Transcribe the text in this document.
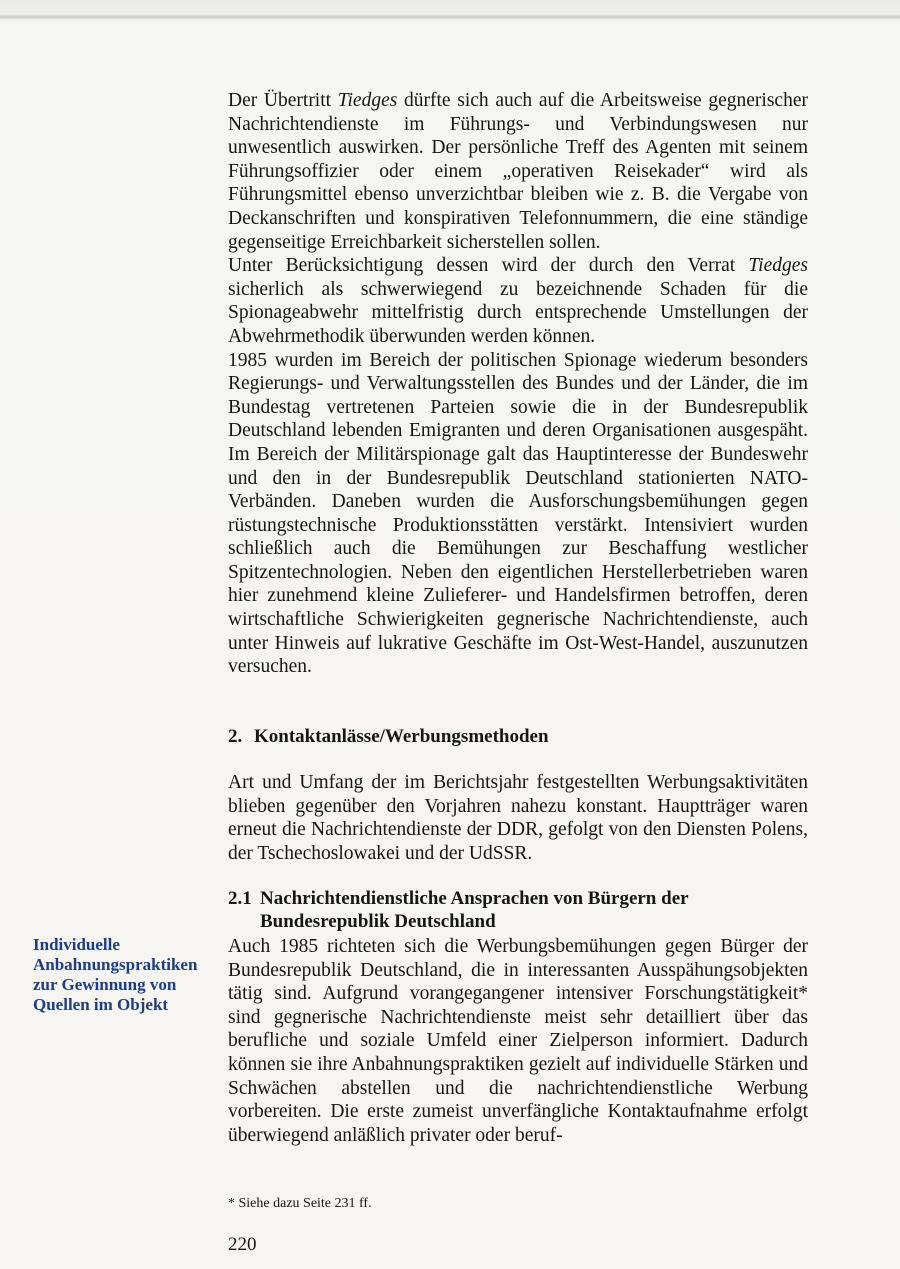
Der Übertritt Tiedges dürfte sich auch auf die Arbeitsweise gegnerischer Nachrichtendienste im Führungs- und Verbindungswesen nur unwesentlich auswirken. Der persönliche Treff des Agenten mit seinem Führungsoffizier oder einem „operativen Reisekader“ wird als Führungsmittel ebenso unverzichtbar bleiben wie z. B. die Vergabe von Deckanschriften und konspirativen Telefonnummern, die eine ständige gegenseitige Erreichbarkeit sicherstellen sollen.

Unter Berücksichtigung dessen wird der durch den Verrat Tiedges sicherlich als schwerwiegend zu bezeichnende Schaden für die Spionageabwehr mittelfristig durch entsprechende Umstellungen der Abwehrmethodik überwunden werden können.

1985 wurden im Bereich der politischen Spionage wiederum besonders Regierungs- und Verwaltungsstellen des Bundes und der Länder, die im Bundestag vertretenen Parteien sowie die in der Bundesrepublik Deutschland lebenden Emigranten und deren Organisationen ausgespäht. Im Bereich der Militärspionage galt das Hauptinteresse der Bundeswehr und den in der Bundesrepublik Deutschland stationierten NATO-Verbänden. Daneben wurden die Ausforschungsbemühungen gegen rüstungstechnische Produktionsstätten verstärkt. Intensiviert wurden schließlich auch die Bemühungen zur Beschaffung westlicher Spitzentechnologien. Neben den eigentlichen Herstellerbetrieben waren hier zunehmend kleine Zulieferer- und Handelsfirmen betroffen, deren wirtschaftliche Schwierigkeiten gegnerische Nachrichtendienste, auch unter Hinweis auf lukrative Geschäfte im Ost-West-Handel, auszunutzen versuchen.

2. Kontaktanlässe/Werbungsmethoden

Art und Umfang der im Berichtsjahr festgestellten Werbungsaktivitäten blieben gegenüber den Vorjahren nahezu konstant. Hauptträger waren erneut die Nachrichtendienste der DDR, gefolgt von den Diensten Polens, der Tschechoslowakei und der UdSSR.

2.1 Nachrichtendienstliche Ansprachen von Bürgern der
Bundesrepublik Deutschland

Auch 1985 richteten sich die Werbungsbemühungen gegen Bürger der Bundesrepublik Deutschland, die in interessanten Ausspähungsobjekten tätig sind. Aufgrund vorangegangener intensiver Forschungstätigkeit* sind gegnerische Nachrichtendienste meist sehr detailliert über das berufliche und soziale Umfeld einer Zielperson informiert. Dadurch können sie ihre Anbahnungspraktiken gezielt auf individuelle Stärken und Schwächen abstellen und die nachrichtendienstliche Werbung vorbereiten. Die erste zumeist unverfängliche Kontaktaufnahme erfolgt überwiegend anläßlich privater oder beruf-

Individuelle Anbahnungspraktiken zur Gewinnung von Quellen im Objekt
* Siehe dazu Seite 231 ff.
220
